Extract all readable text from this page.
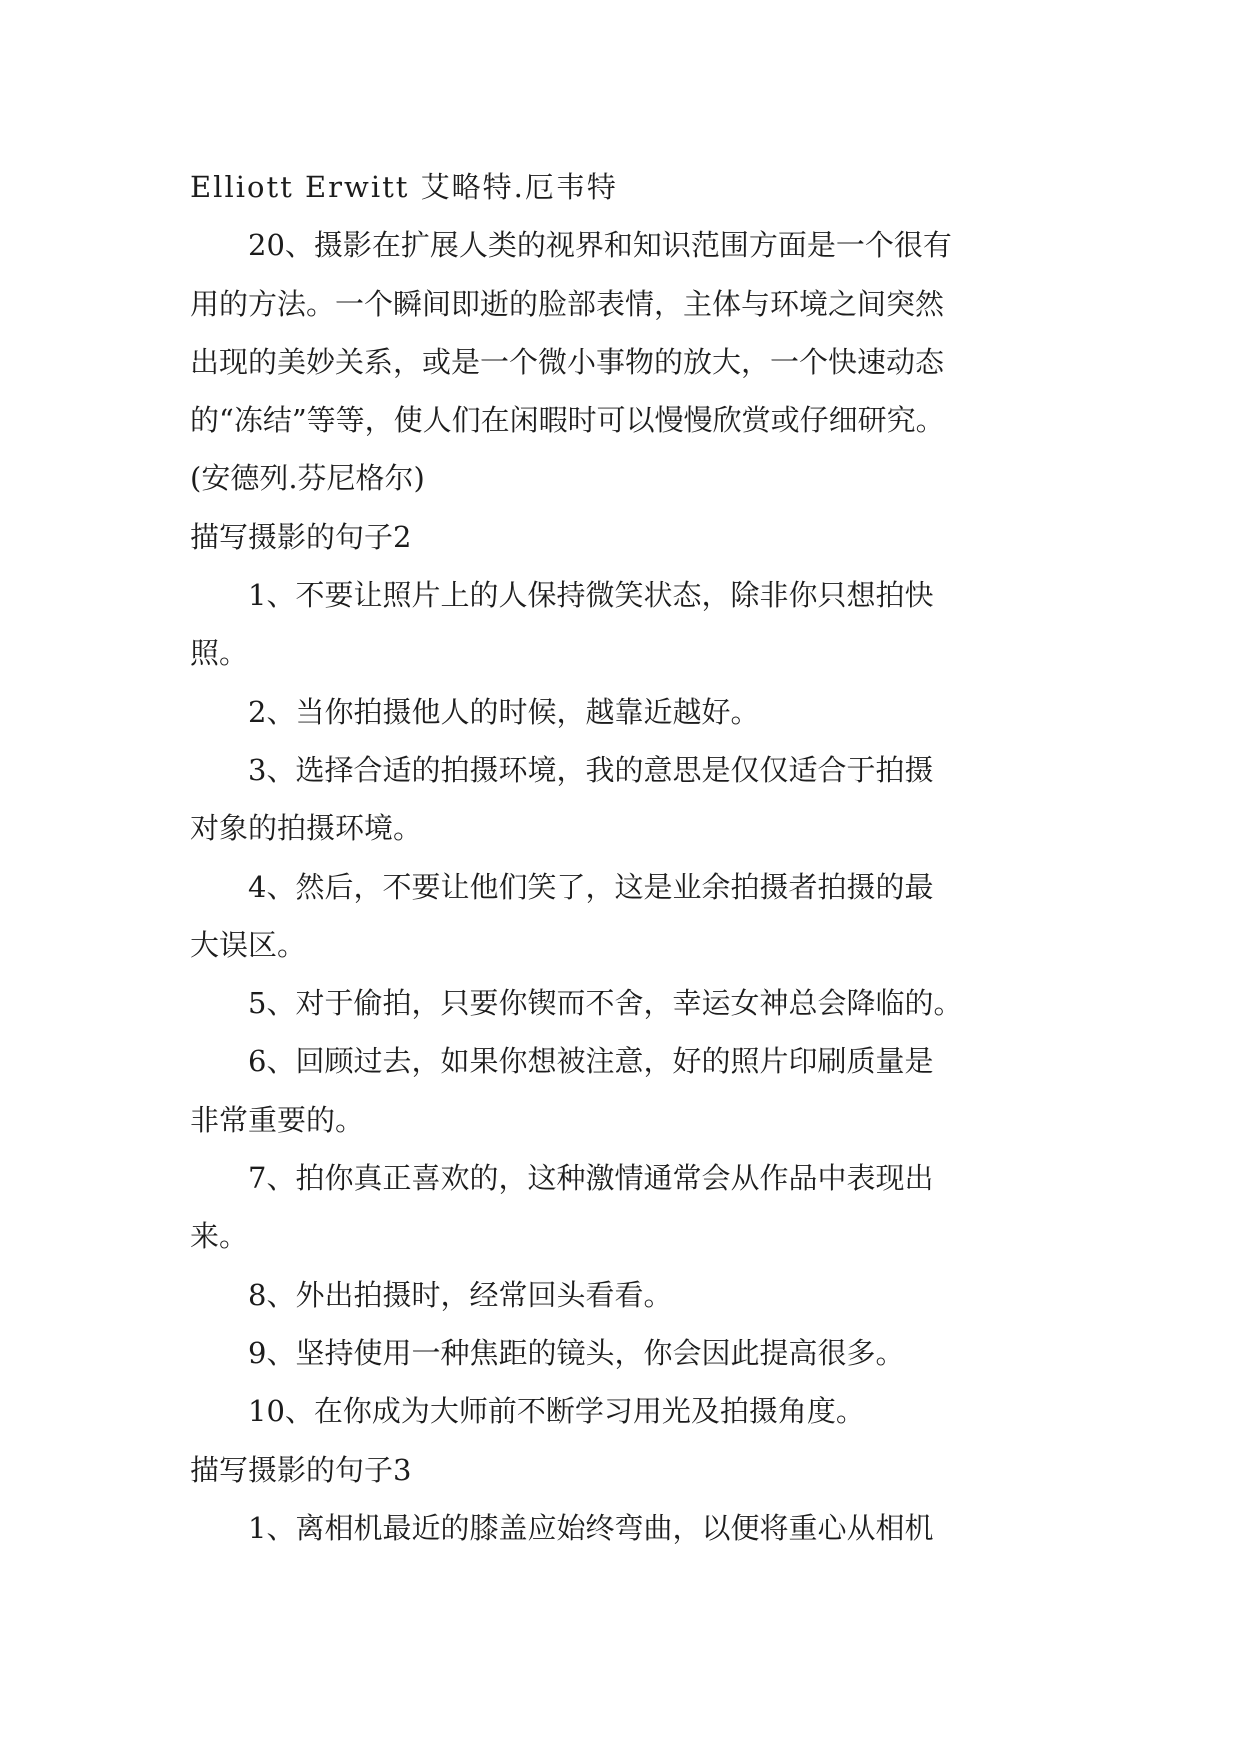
Elliott Erwitt 艾略特.厄韦特

20、摄影在扩展人类的视界和知识范围方面是一个很有

用的方法。一个瞬间即逝的脸部表情，主体与环境之间突然

出现的美妙关系，或是一个微小事物的放大，一个快速动态

的“冻结”等等，使人们在闲暇时可以慢慢欣赏或仔细研究。

(安德列.芬尼格尔)

描写摄影的句子2

1、不要让照片上的人保持微笑状态，除非你只想拍快

照。

2、当你拍摄他人的时候，越靠近越好。

3、选择合适的拍摄环境，我的意思是仅仅适合于拍摄

对象的拍摄环境。

4、然后，不要让他们笑了，这是业余拍摄者拍摄的最

大误区。

5、对于偷拍，只要你锲而不舍，幸运女神总会降临的。

6、回顾过去，如果你想被注意，好的照片印刷质量是

非常重要的。

7、拍你真正喜欢的，这种激情通常会从作品中表现出

来。

8、外出拍摄时，经常回头看看。

9、坚持使用一种焦距的镜头，你会因此提高很多。

10、在你成为大师前不断学习用光及拍摄角度。

描写摄影的句子3

1、离相机最近的膝盖应始终弯曲，以便将重心从相机
